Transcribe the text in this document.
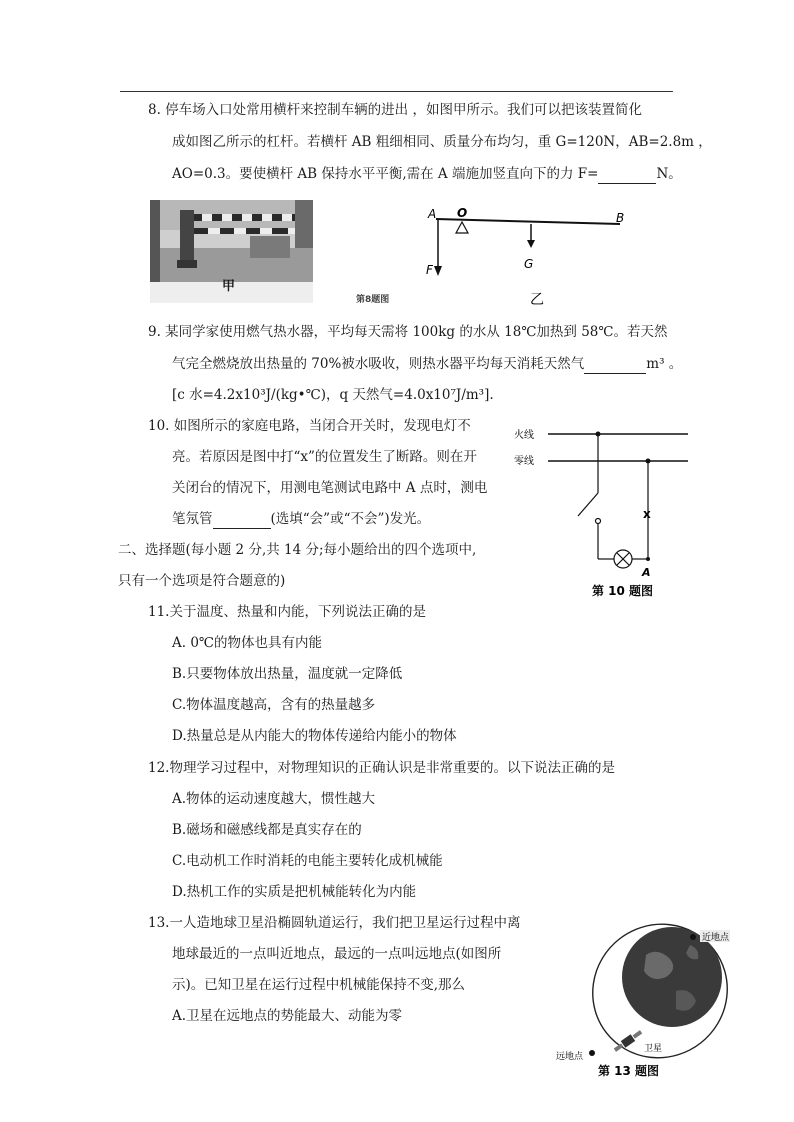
8. 停车场入口处常用横杆来控制车辆的进出 ，如图甲所示。我们可以把该装置简化
成如图乙所示的杠杆。若横杆 AB 粗细相同、质量分布均匀，重 G=120N，AB=2.8m ，
AO=0.3。要使横杆 AB 保持水平平衡,需在 A 端施加竖直向下的力 F=	N。
甲
第8题图
A O	B
F	G
乙
9. 某同学家使用燃气热水器，平均每天需将 100kg 的水从 18℃加热到 58℃。若天然
气完全燃烧放出热量的 70%被水吸收，则热水器平均每天消耗天然气	m³ 。
[c 水=4.2x10³J/(kg•℃)，q 天然气=4.0x10⁷J/m³].
10. 如图所示的家庭电路，当闭合开关时，发现电灯不
亮。若原因是图中打“x”的位置发生了断路。则在开
关闭台的情况下，用测电笔测试电路中 A 点时，测电
笔氖管	(选填“会”或“不会”)发光。
火线
零线
x
A
第 10 题图
二、选择题(每小题 2 分,共 14 分;每小题给出的四个选项中,
只有一个选项是符合题意的)
11.关于温度、热量和内能，下列说法正确的是
A. 0℃的物体也具有内能
B.只要物体放出热量，温度就一定降低
C.物体温度越高，含有的热量越多
D.热量总是从内能大的物体传递给内能小的物体
12.物理学习过程中，对物理知识的正确认识是非常重要的。以下说法正确的是
A.物体的运动速度越大，惯性越大
B.磁场和磁感线都是真实存在的
C.电动机工作时消耗的电能主要转化成机械能
D.热机工作的实质是把机械能转化为内能
13.一人造地球卫星沿椭圆轨道运行，我们把卫星运行过程中离
地球最近的一点叫近地点，最远的一点叫远地点(如图所
示)。已知卫星在运行过程中机械能保持不变,那么
A.卫星在远地点的势能最大、动能为零
近地点
远地点
卫星
第 13 题图
